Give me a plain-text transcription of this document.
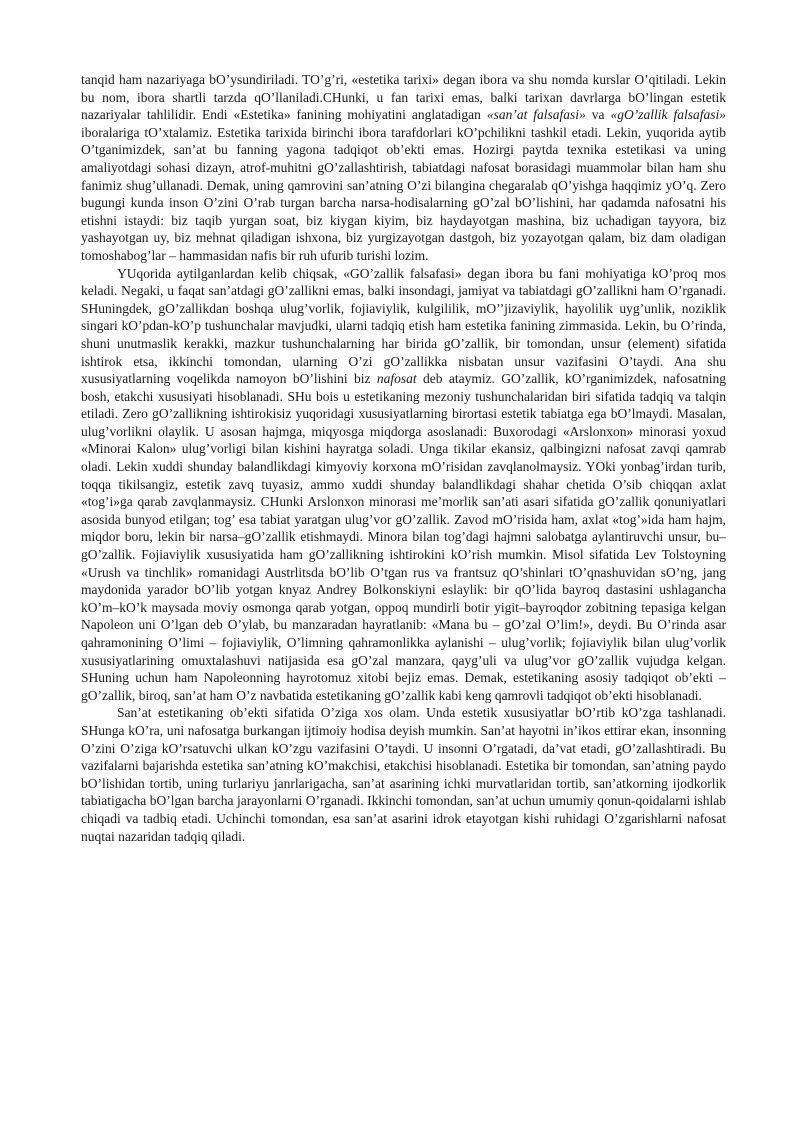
tanqid ham nazariyaga bO’ysundiriladi. TO’g’ri, «estetika tarixi» degan ibora va shu nomda kurslar O’qitiladi. Lekin bu nom, ibora shartli tarzda qO’llaniladi.CHunki, u fan tarixi emas, balki tarixan davrlarga bO’lingan estetik nazariyalar tahlilidir. Endi «Estetika» fanining mohiyatini anglatadigan «san’at falsafasi» va «gO’zallik falsafasi» iboralariga tO’xtalamiz. Estetika tarixida birinchi ibora tarafdorlari kO’pchilikni tashkil etadi. Lekin, yuqorida aytib O’tganimizdek, san’at bu fanning yagona tadqiqot ob’ekti emas. Hozirgi paytda texnika estetikasi va uning amaliyotdagi sohasi dizayn, atrof-muhitni gO’zallashtirish, tabiatdagi nafosat borasidagi muammolar bilan ham shu fanimiz shug’ullanadi. Demak, uning qamrovini san’atning O’zi bilangina chegaralab qO’yishga haqqimiz yO’q. Zero bugungi kunda inson O’zini O’rab turgan barcha narsa-hodisalarning gO’zal bO’lishini, har qadamda nafosatni his etishni istaydi: biz taqib yurgan soat, biz kiygan kiyim, biz haydayotgan mashina, biz uchadigan tayyora, biz yashayotgan uy, biz mehnat qiladigan ishxona, biz yurgizayotgan dastgoh, biz yozayotgan qalam, biz dam oladigan tomoshabog’lar – hammasidan nafis bir ruh ufurib turishi lozim.

YUqorida aytilganlardan kelib chiqsak, «GO’zallik falsafasi» degan ibora bu fani mohiyatiga kO’proq mos keladi. Negaki, u faqat san’atdagi gO’zallikni emas, balki insondagi, jamiyat va tabiatdagi gO’zallikni ham O’rganadi. SHuningdek, gO’zallikdan boshqa ulug’vorlik, fojiaviylik, kulgililik, mO’’jizaviylik, hayolilik uyg’unlik, noziklik singari kO’pdan-kO’p tushunchalar mavjudki, ularni tadqiq etish ham estetika fanining zimmasida. Lekin, bu O’rinda, shuni unutmaslik kerakki, mazkur tushunchalarning har birida gO’zallik, bir tomondan, unsur (element) sifatida ishtirok etsa, ikkinchi tomondan, ularning O’zi gO’zallikka nisbatan unsur vazifasini O’taydi. Ana shu xususiyatlarning voqelikda namoyon bO’lishini biz nafosat deb ataymiz. GO’zallik, kO’rganimizdek, nafosatning bosh, etakchi xususiyati hisoblanadi. SHu bois u estetikaning mezoniy tushunchalaridan biri sifatida tadqiq va talqin etiladi. Zero gO’zallikning ishtirokisiz yuqoridagi xususiyatlarning birortasi estetik tabiatga ega bO’lmaydi. Masalan, ulug’vorlikni olaylik. U asosan hajmga, miqyosga miqdorga asoslanadi: Buxorodagi «Arslonxon» minorasi yoxud «Minorai Kalon» ulug’vorligi bilan kishini hayratga soladi. Unga tikilar ekansiz, qalbingizni nafosat zavqi qamrab oladi. Lekin xuddi shunday balandlikdagi kimyoviy korxona mO’risidan zavqlanolmaysiz. YOki yonbag’irdan turib, toqqa tikilsangiz, estetik zavq tuyasiz, ammo xuddi shunday balandlikdagi shahar chetida O’sib chiqqan axlat «tog’i»ga qarab zavqlanmaysiz. CHunki Arslonxon minorasi me’morlik san’ati asari sifatida gO’zallik qonuniyatlari asosida bunyod etilgan; tog’ esa tabiat yaratgan ulug’vor gO’zallik. Zavod mO’risida ham, axlat «tog’»ida ham hajm, miqdor boru, lekin bir narsa–gO’zallik etishmaydi. Minora bilan tog’dagi hajmni salobatga aylantiruvchi unsur, bu–gO’zallik. Fojiaviylik xususiyatida ham gO’zallikning ishtirokini kO’rish mumkin. Misol sifatida Lev Tolstoyning «Urush va tinchlik» romanidagi Austrlitsda bO’lib O’tgan rus va frantsuz qO’shinlari tO’qnashuvidan sO’ng, jang maydonida yarador bO’lib yotgan knyaz Andrey Bolkonskiyni eslaylik: bir qO’lida bayroq dastasini ushlagancha kO’m–kO’k maysada moviy osmonga qarab yotgan, oppoq mundirli botir yigit–bayroqdor zobitning tepasiga kelgan Napoleon uni O’lgan deb O’ylab, bu manzaradan hayratlanib: «Mana bu – gO’zal O’lim!», deydi. Bu O’rinda asar qahramonining O’limi – fojiaviylik, O’limning qahramonlikka aylanishi – ulug’vorlik; fojiaviylik bilan ulug’vorlik xususiyatlarining omuxtalashuvi natijasida esa gO’zal manzara, qayg’uli va ulug’vor gO’zallik vujudga kelgan. SHuning uchun ham Napoleonning hayrotomuz xitobi bejiz emas. Demak, estetikaning asosiy tadqiqot ob’ekti – gO’zallik, biroq, san’at ham O’z navbatida estetikaning gO’zallik kabi keng qamrovli tadqiqot ob’ekti hisoblanadi.

San’at estetikaning ob’ekti sifatida O’ziga xos olam. Unda estetik xususiyatlar bO’rtib kO’zga tashlanadi. SHunga kO’ra, uni nafosatga burkangan ijtimoiy hodisa deyish mumkin. San’at hayotni in’ikos ettirar ekan, insonning O’zini O’ziga kO’rsatuvchi ulkan kO’zgu vazifasini O’taydi. U insonni O’rgatadi, da’vat etadi, gO’zallashtiradi. Bu vazifalarni bajarishda estetika san’atning kO’makchisi, etakchisi hisoblanadi. Estetika bir tomondan, san’atning paydo bO’lishidan tortib, uning turlariyu janrlarigacha, san’at asarining ichki murvatlaridan tortib, san’atkorning ijodkorlik tabiatigacha bO’lgan barcha jarayonlarni O’rganadi. Ikkinchi tomondan, san’at uchun umumiy qonun-qoidalarni ishlab chiqadi va tadbiq etadi. Uchinchi tomondan, esa san’at asarini idrok etayotgan kishi ruhidagi O’zgarishlarni nafosat nuqtai nazaridan tadqiq qiladi.
